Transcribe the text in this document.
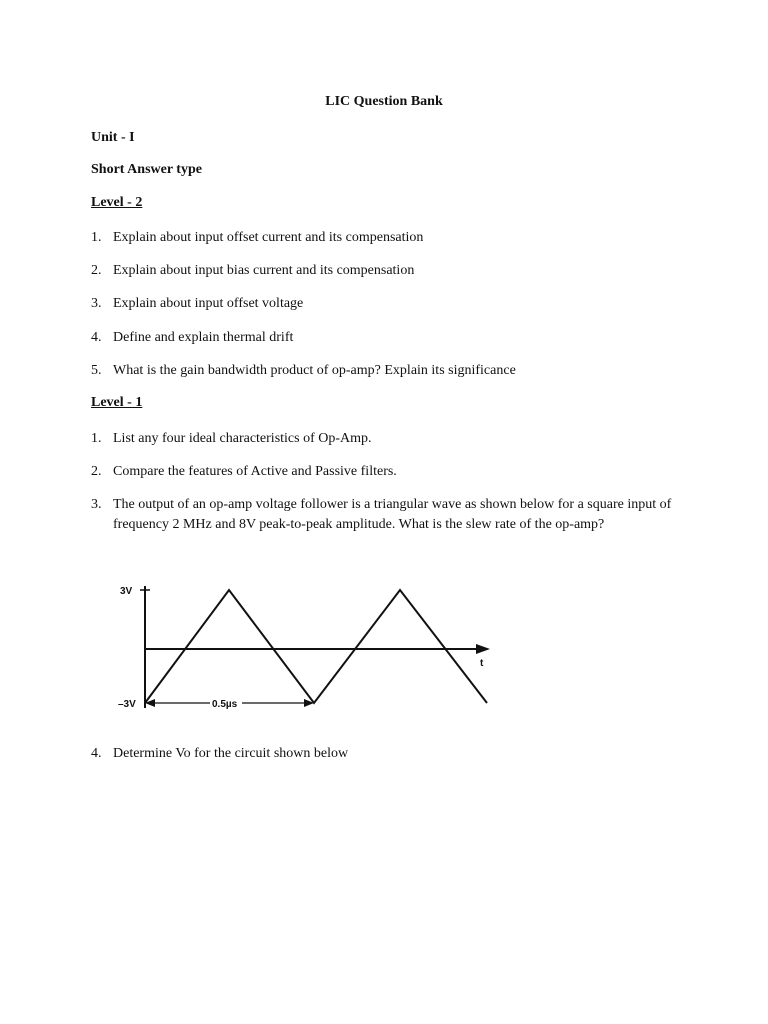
LIC Question Bank
Unit - I
Short Answer type
Level - 2
1. Explain about input offset current and its compensation
2. Explain about input bias current and its compensation
3. Explain about input offset voltage
4. Define and explain thermal drift
5. What is the gain bandwidth product of op-amp? Explain its significance
Level - 1
1. List any four ideal characteristics of Op-Amp.
2. Compare the features of Active and Passive filters.
3. The output of an op-amp voltage follower is a triangular wave as shown below for a square input of frequency 2 MHz and 8V peak-to-peak amplitude. What is the slew rate of the op-amp?
3V
–3V
t
0.5µs
4. Determine Vo for the circuit shown below
